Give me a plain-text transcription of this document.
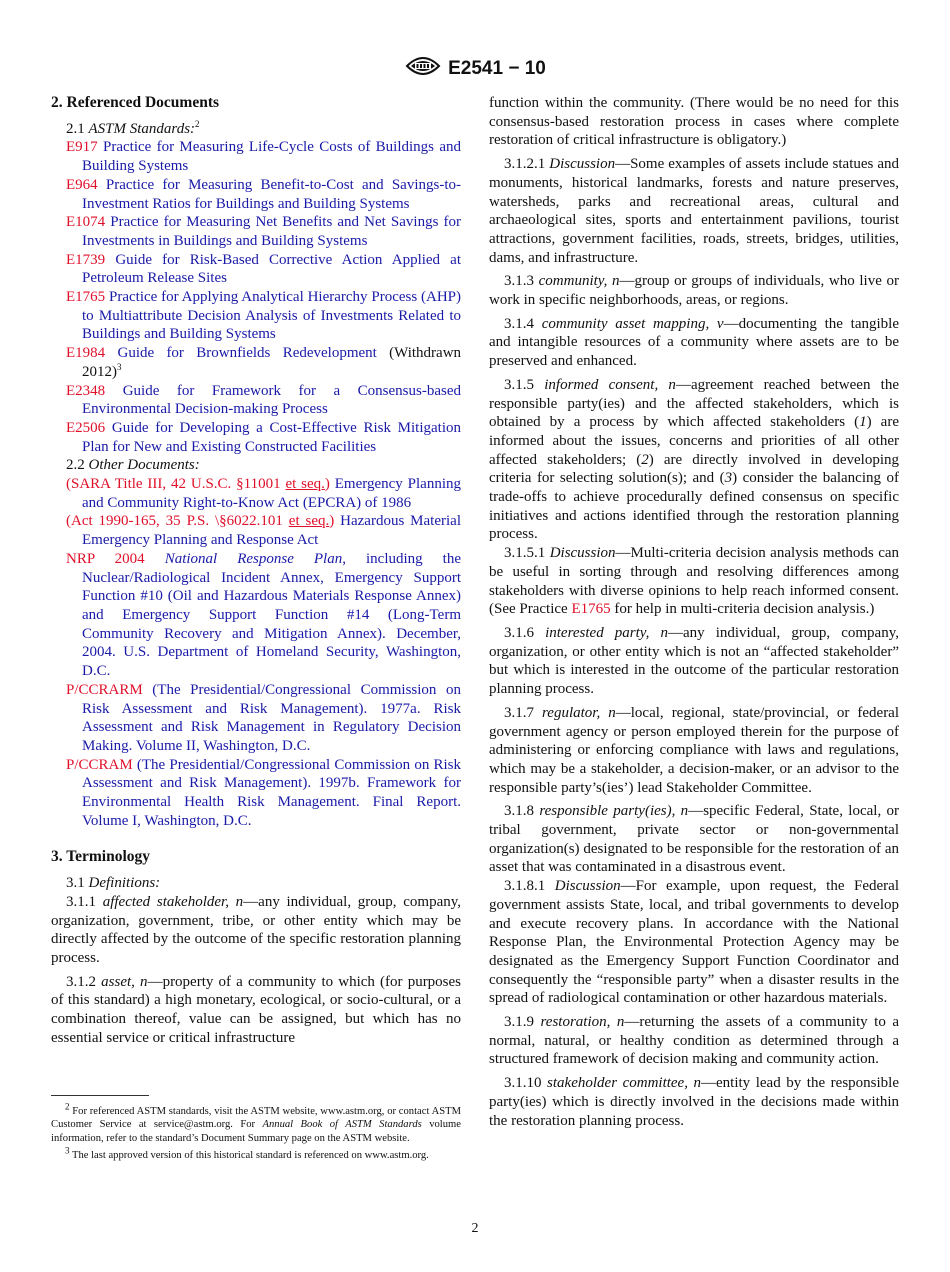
E2541 − 10

2. Referenced Documents

2.1 ASTM Standards:$^2$

E917 Practice for Measuring Life-Cycle Costs of Buildings and Building Systems

E964 Practice for Measuring Benefit-to-Cost and Savings-to-Investment Ratios for Buildings and Building Systems

E1074 Practice for Measuring Net Benefits and Net Savings for Investments in Buildings and Building Systems

E1739 Guide for Risk-Based Corrective Action Applied at Petroleum Release Sites

E1765 Practice for Applying Analytical Hierarchy Process (AHP) to Multiattribute Decision Analysis of Investments Related to Buildings and Building Systems

E1984 Guide for Brownfields Redevelopment (Withdrawn 2012)$^3$

E2348 Guide for Framework for a Consensus-based Environmental Decision-making Process

E2506 Guide for Developing a Cost-Effective Risk Mitigation Plan for New and Existing Constructed Facilities

2.2 Other Documents:

(SARA Title III, 42 U.S.C. §11001 et seq.) Emergency Planning and Community Right-to-Know Act (EPCRA) of 1986

(Act 1990-165, 35 P.S. \§6022.101 et seq.) Hazardous Material Emergency Planning and Response Act

NRP 2004 National Response Plan, including the Nuclear/Radiological Incident Annex, Emergency Support Function #10 (Oil and Hazardous Materials Response Annex) and Emergency Support Function #14 (Long-Term Community Recovery and Mitigation Annex). December, 2004. U.S. Department of Homeland Security, Washington, D.C.

P/CCRARM (The Presidential/Congressional Commission on Risk Assessment and Risk Management). 1977a. Risk Assessment and Risk Management in Regulatory Decision Making. Volume II, Washington, D.C.

P/CCRAM (The Presidential/Congressional Commission on Risk Assessment and Risk Management). 1997b. Framework for Environmental Health Risk Management. Final Report. Volume I, Washington, D.C.

3. Terminology

3.1 Definitions:

3.1.1 affected stakeholder, n—any individual, group, company, organization, government, tribe, or other entity which may be directly affected by the outcome of the specific restoration planning process.

3.1.2 asset, n—property of a community to which (for purposes of this standard) a high monetary, ecological, or socio-cultural, or a combination thereof, value can be assigned, but which has no essential service or critical infrastructure

$^2$ For referenced ASTM standards, visit the ASTM website, www.astm.org, or contact ASTM Customer Service at service@astm.org. For Annual Book of ASTM Standards volume information, refer to the standard’s Document Summary page on the ASTM website.

$^3$ The last approved version of this historical standard is referenced on www.astm.org.

function within the community. (There would be no need for this consensus-based restoration process in cases where complete restoration of critical infrastructure is obligatory.)

3.1.2.1 Discussion—Some examples of assets include statues and monuments, historical landmarks, forests and nature preserves, watersheds, parks and recreational areas, cultural and archaeological sites, sports and entertainment pavilions, tourist attractions, government facilities, roads, streets, bridges, utilities, dams, and infrastructure.

3.1.3 community, n—group or groups of individuals, who live or work in specific neighborhoods, areas, or regions.

3.1.4 community asset mapping, v—documenting the tangible and intangible resources of a community where assets are to be preserved and enhanced.

3.1.5 informed consent, n—agreement reached between the responsible party(ies) and the affected stakeholders, which is obtained by a process by which affected stakeholders (1) are informed about the issues, concerns and priorities of all other affected stakeholders; (2) are directly involved in developing criteria for selecting solution(s); and (3) consider the balancing of trade-offs to achieve procedurally defined consensus on specific initiatives and actions identified through the restoration planning process.

3.1.5.1 Discussion—Multi-criteria decision analysis methods can be useful in sorting through and resolving differences among stakeholders with diverse opinions to help reach informed consent. (See Practice E1765 for help in multi-criteria decision analysis.)

3.1.6 interested party, n—any individual, group, company, organization, or other entity which is not an “affected stakeholder” but which is interested in the outcome of the particular restoration planning process.

3.1.7 regulator, n—local, regional, state/provincial, or federal government agency or person employed therein for the purpose of administering or enforcing compliance with laws and regulations, which may be a stakeholder, a decision-maker, or an advisor to the responsible party’s(ies’) lead Stakeholder Committee.

3.1.8 responsible party(ies), n—specific Federal, State, local, or tribal government, private sector or non-governmental organization(s) designated to be responsible for the restoration of an asset that was contaminated in a disastrous event.

3.1.8.1 Discussion—For example, upon request, the Federal government assists State, local, and tribal governments to develop and execute recovery plans. In accordance with the National Response Plan, the Environmental Protection Agency may be designated as the Emergency Support Function Coordinator and consequently the “responsible party” when a disaster results in the spread of radiological contamination or other hazardous materials.

3.1.9 restoration, n—returning the assets of a community to a normal, natural, or healthy condition as determined through a structured framework of decision making and community action.

3.1.10 stakeholder committee, n—entity lead by the responsible party(ies) which is directly involved in the decisions made within the restoration planning process.

2
